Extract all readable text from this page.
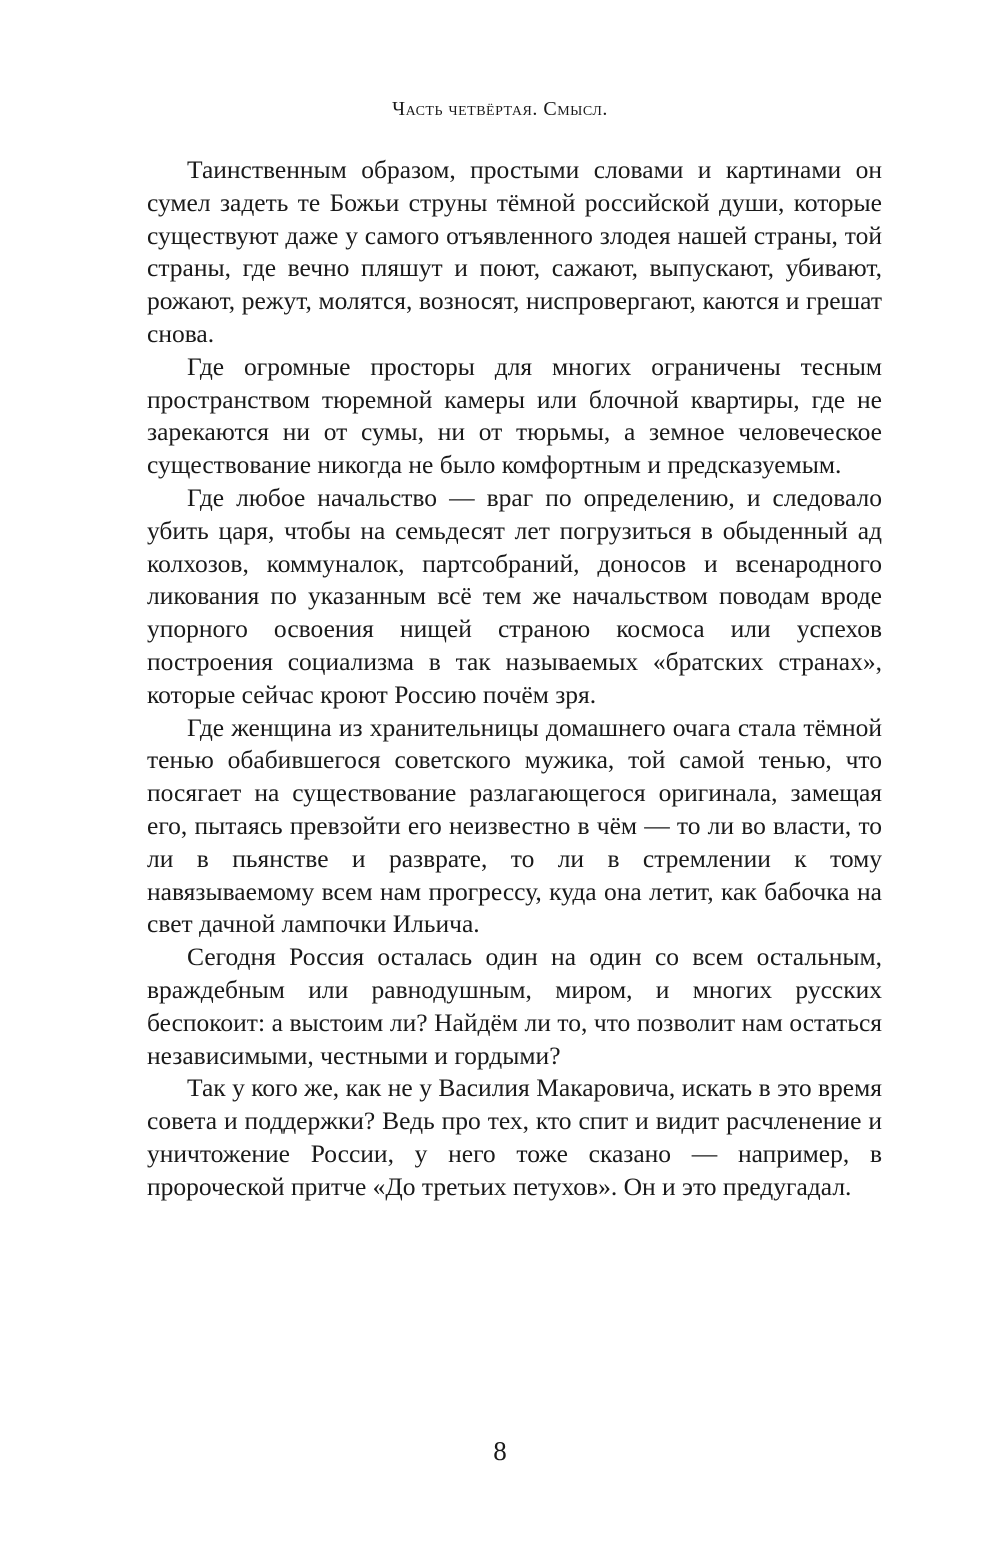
Часть четвёртая. Смысл.

Таинственным образом, простыми словами и картинами он сумел задеть те Божьи струны тёмной российской души, которые существуют даже у самого отъявленного злодея нашей страны, той страны, где вечно пляшут и поют, сажают, выпускают, убивают, рожают, режут, молятся, возносят, ниспровергают, каются и грешат снова.

Где огромные просторы для многих ограничены тесным пространством тюремной камеры или блочной квартиры, где не зарекаются ни от сумы, ни от тюрьмы, а земное человеческое существование никогда не было комфортным и предсказуемым.

Где любое начальство — враг по определению, и следовало убить царя, чтобы на семьдесят лет погрузиться в обыденный ад колхозов, коммуналок, партсобраний, доносов и всенародного ликования по указанным всё тем же начальством поводам вроде упорного освоения нищей страною космоса или успехов построения социализма в так называемых «братских странах», которые сейчас кроют Россию почём зря.

Где женщина из хранительницы домашнего очага стала тёмной тенью обабившегося советского мужика, той самой тенью, что посягает на существование разлагающегося оригинала, замещая его, пытаясь превзойти его неизвестно в чём — то ли во власти, то ли в пьянстве и разврате, то ли в стремлении к тому навязываемому всем нам прогрессу, куда она летит, как бабочка на свет дачной лампочки Ильича.

Сегодня Россия осталась один на один со всем остальным, враждебным или равнодушным, миром, и многих русских беспокоит: а выстоим ли? Найдём ли то, что позволит нам остаться независимыми, честными и гордыми?

Так у кого же, как не у Василия Макаровича, искать в это время совета и поддержки? Ведь про тех, кто спит и видит расчленение и уничтожение России, у него тоже сказано — например, в пророческой притче «До третьих петухов». Он и это предугадал.

8
